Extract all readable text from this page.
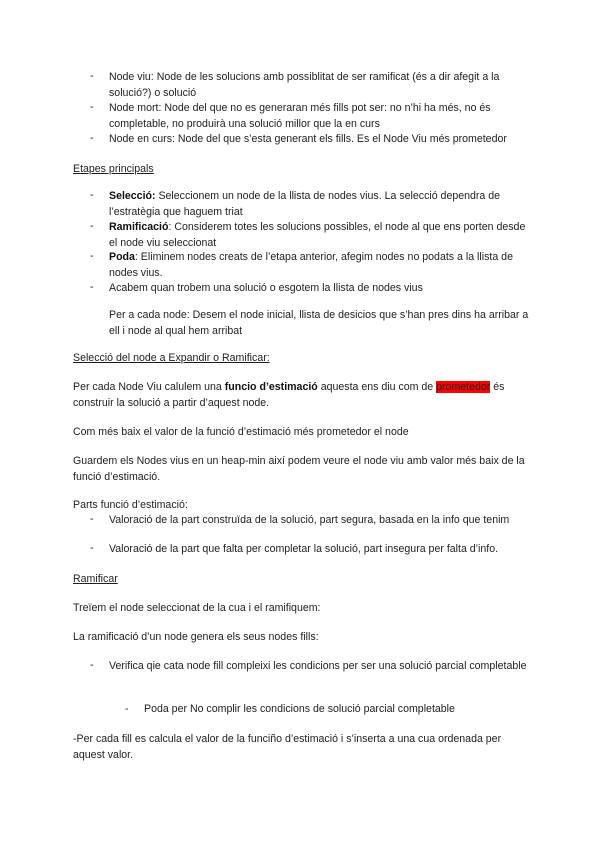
-	Node viu: Node de les solucions amb possiblitat de ser ramificat (és a dir afegit a la solució?) o solució
-	Node mort: Node del que no es generaran més fills pot ser: no n’hi ha més, no és completable, no produirà una solució millor que la en curs
-	Node en curs: Node del que s’esta generant els fills. Es el Node Viu més prometedor
Etapes principals
-	Selecció: Seleccionem un node de la llista de nodes vius. La selecció dependra de l’estratègia que haguem triat
-	Ramificació: Considerem totes les solucions possibles, el node al que ens porten desde el node viu seleccionat
-	Poda: Eliminem nodes creats de l’etapa anterior, afegim nodes no podats a la llista de nodes vius.
-	Acabem quan trobem una solució o esgotem la llista de nodes vius
Per a cada node: Desem el node inicial, llista de desicios que s’han pres dins ha arribar a ell i node al qual hem arribat
Selecció del node a Expandir o Ramificar:
Per cada Node Viu calulem una funcio d’estimació aquesta ens diu com de prometedor és construir la solució a partir d’aquest node.
Com més baix el valor de la funció d’estimació més prometedor el node
Guardem els Nodes vius en un heap-min així podem veure el node viu amb valor més baix de la funció d’estimació.
Parts funció d’estimació:
-	Valoració de la part construïda de la solució, part segura, basada en la info que tenim
-	Valoració de la part que falta per completar la solució, part insegura per falta d’info.
Ramificar
Treïem el node seleccionat de la cua i el ramifiquem:
La ramificació d’un node genera els seus nodes fills:
-	Verifica qie cata node fill compleixi les condicions per ser una solució parcial completable
- Poda per No complir les condicions de solució parcial completable
-Per cada fill es calcula el valor de la funciño d’estimació i s’inserta a una cua ordenada per aquest valor.
